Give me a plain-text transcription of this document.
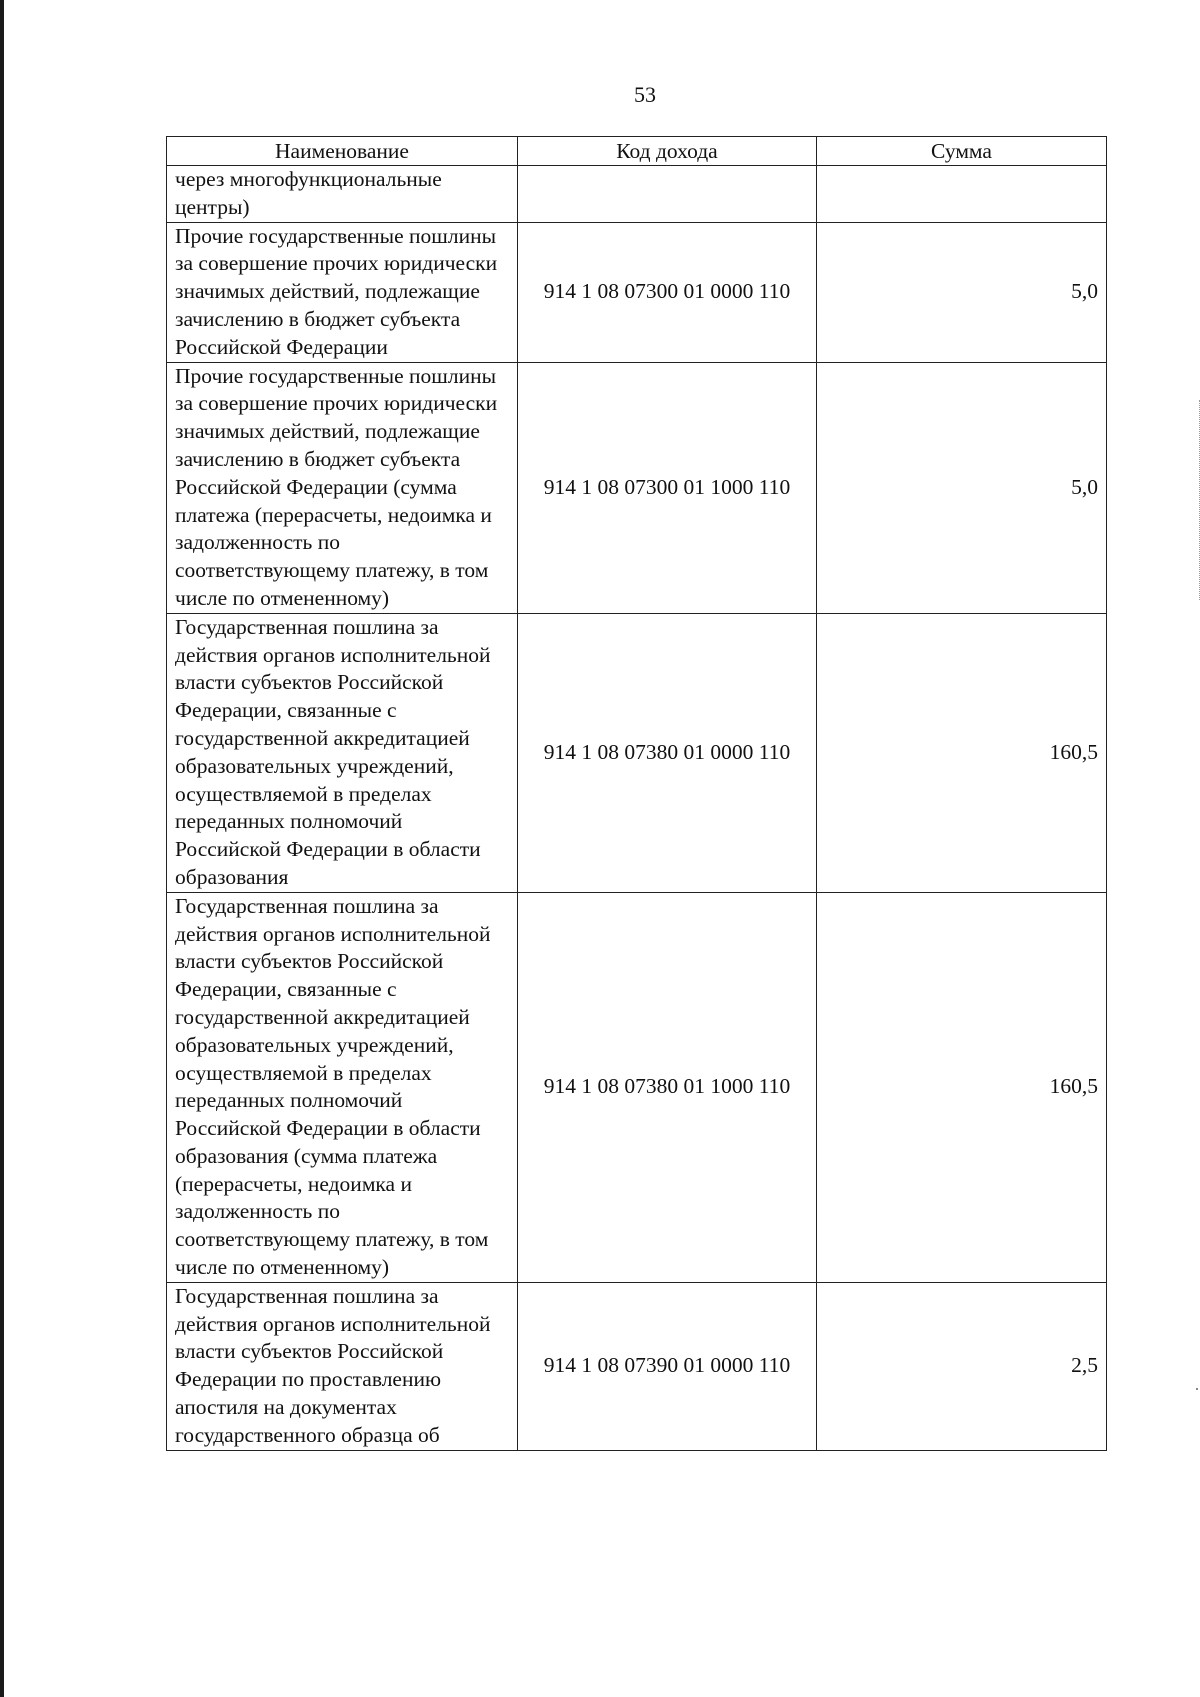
53
Наименование	Код дохода	Сумма
через многофункциональные центры)		
Прочие государственные пошлины за совершение прочих юридически значимых действий, подлежащие зачислению в бюджет субъекта Российской Федерации	914 1 08 07300 01 0000 110	5,0
Прочие государственные пошлины за совершение прочих юридически значимых действий, подлежащие зачислению в бюджет субъекта Российской Федерации (сумма платежа (перерасчеты, недоимка и задолженность по соответствующему платежу, в том числе по отмененному)	914 1 08 07300 01 1000 110	5,0
Государственная пошлина за действия органов исполнительной власти субъектов Российской Федерации, связанные с государственной аккредитацией образовательных учреждений, осуществляемой в пределах переданных полномочий Российской Федерации в области образования	914 1 08 07380 01 0000 110	160,5
Государственная пошлина за действия органов исполнительной власти субъектов Российской Федерации, связанные с государственной аккредитацией образовательных учреждений, осуществляемой в пределах переданных полномочий Российской Федерации в области образования (сумма платежа (перерасчеты, недоимка и задолженность по соответствующему платежу, в том числе по отмененному)	914 1 08 07380 01 1000 110	160,5
Государственная пошлина за действия органов исполнительной власти субъектов Российской Федерации по проставлению апостиля на документах государственного образца об	914 1 08 07390 01 0000 110	2,5
